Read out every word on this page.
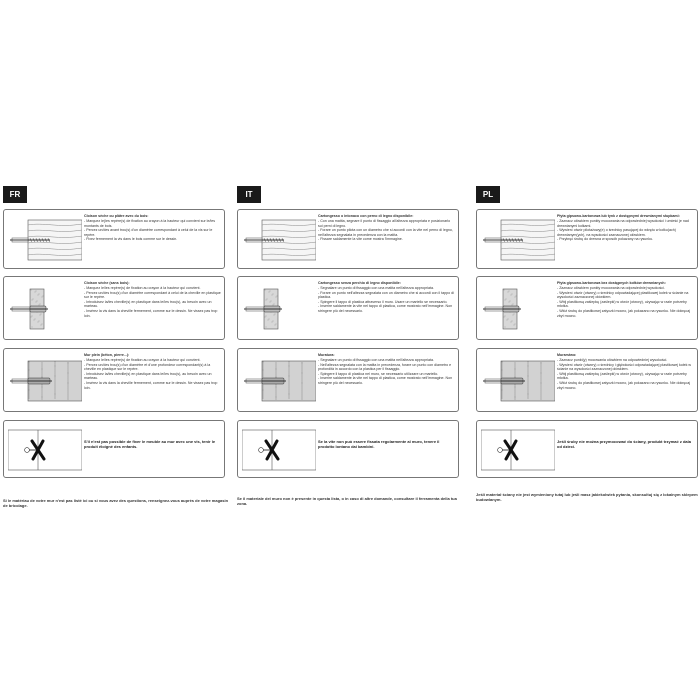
FR
Cloison sèche ou plâtre avec du bois:
- Marquez le(les repère(s) de fixation au crayon à la hauteur qui convient sur le/les montants de bois.
- Percez un/des avant trou(s) d'un diamètre correspondant à celui de la vis sur le repère.
- Fixez fermement la vis dans le bois comme sur le dessin.
Cloison sèche (sans bois):
- Marquez le/les repère(s) de fixation au crayon à la hauteur qui convient.
- Percez un/des trou(s) d'un diamètre correspondant à celui de la cheville en plastique sur le repère.
- Introduisez la/les cheville(s) en plastique dans le/les trou(s), au besoin avec un marteau.
- Insérez la vis dans la cheville fermement, comme sur le dessin. Ne vissez pas trop loin.
Mur plein (béton, pierre...):
- Marquez le/les repère(s) de fixation au crayon à la hauteur qui convient.
- Percez un/des trou(s) d'un diamètre et d'une profondeur correspondant(s) à la cheville en plastique sur le repère.
- Introduisez la/les cheville(s) en plastique dans le/les trou(s), au besoin avec un marteau.
- Insérez la vis dans la cheville fermement, comme sur le dessin. Ne vissez pas trop loin.
S'il n'est pas possible de fixer le meuble au mur avec une vis, tenir le produit éloigné des enfants.
Si le matériau de votre mur n'est pas listé ici ou si vous avez des questions, renseignez-vous auprès de votre magasin de bricolage.
IT
Cartongesso o intonaco con perno di legno disponibile:
- Con una matita, segnare il punto di fissaggio all'altezza appropriata e posizionarlo sui perni di legno.
- Forare un punto pilota con un diametro che si accordi con la vite nel perno di legno, nell'altezza segnalata in precedenza con la matita.
- Fissare saldamente la vite come mostra l'immagine.
Cartongesso senza perchio di legno disponibile:
- Segnalare un punto di fissaggio con una matita nell'altezza appropriata.
- Forare un punto nell'altezza segnalata con un diametro che si accordi con il tappo di plastica.
- Spingere il tappo di plastica attraverso il muro. Usare un martello se necessario.
- Inserire saldamente la vite nel tappo di plastica, come mostrato nell'immagine. Non stringere più del necessario.
Muratura:
- Segnalare un punto di fissaggio con una matita nell'altezza appropriata.
- Nell'altezza segnalata con la matita in precedenza, forare un punto con diametro e profondità in accordo con la plastica per il fissaggio.
- Spingere il tappo di plastica nel muro, se necessario utilizzare un martello.
- Inserire saldamente la vite nel tappo di plastica, come mostrato nell'immagine. Non stringere più del necessario.
Se la vite non può essere fissata regolarmente al muro, tenere il prodotto lontano dai bambini.
Se il materiale del muro non è presente in questa lista, o in caso di altre domande, consultare il ferramenta della tua zona.
PL
Płyta gipsowo-kartonowa lub tynk z dostępnymi drewnianymi słupkami:
- Zaznacz ołówkiem punkty mocowania na odpowiedniej wysokości i umieść je nad drewnianymi kołkami.
- Wywierć otwór pilotażowy(e) o średnicy pasującej do wkrętu w kołku(ach) drewnianym(ych), na wysokości zaznaczonej ołówkiem.
- Przykręć śrubę do drewna w sposób pokazany na rysunku.
Płyta gipsowo-kartonowa bez dostępnych kołków drewnianych:
- Zaznacz ołówkiem punkty mocowania na odpowiedniej wysokości.
- Wywierć otwór (otwory) o średnicy odpowiadającej plastikowej kołek w ścianie na wysokości zaznaczonej ołówkiem.
- Wbij plastikową zaślepkę (zaślepki) w otwór (otwory), używając w razie potrzeby młotka.
- Włóż śrubę do plastikowej zatyczki mocno, jak pokazano na rysunku. Nie dokręcaj zbyt mocno.
Murarstwo:
- Zaznacz punkt(y) mocowania ołówkiem na odpowiedniej wysokości.
- Wywierć otwór (otwory) o średnicy i głębokości odpowiadającej plastikowej kołek w ścianie na wysokości zaznaczonej ołówkiem.
- Wbij plastikową zaślepkę (zaślepki) w otwór (otwory), używając w razie potrzeby młotka.
- Włóż śrubę do plastikowej zatyczki mocno, jak pokazano na rysunku. Nie dokręcaj zbyt mocno.
Jeśli śruby nie można przymocować do ściany, produkt trzymać z dala od dzieci.
Jeśli materiał ściany nie jest wymieniony tutaj lub jeśli masz jakiekolwiek pytania, skonsultuj się z lokalnym sklepem budowlanym.
